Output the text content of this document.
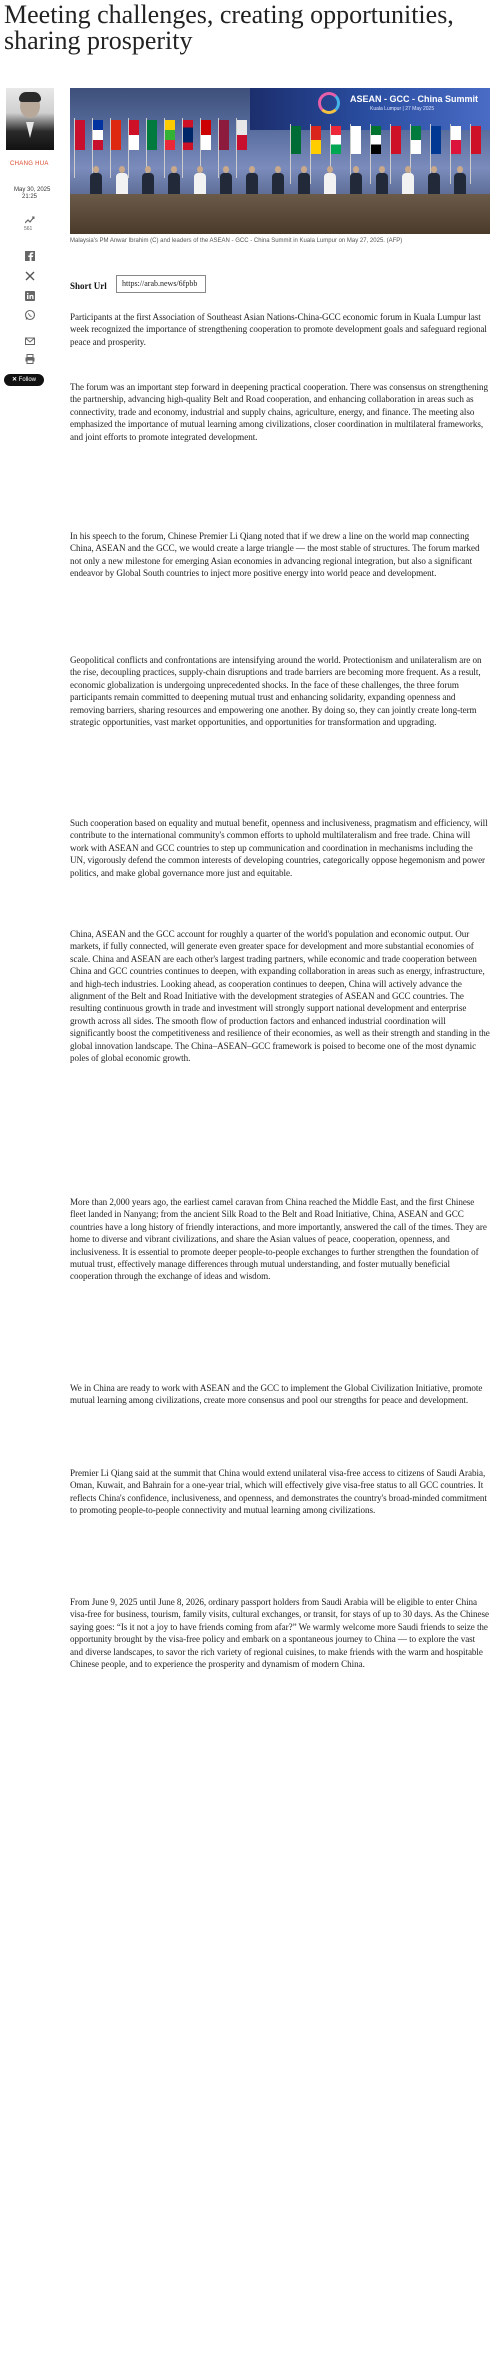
Meeting challenges, creating opportunities, sharing prosperity
CHANG HUA
May 30, 2025
21:25
561
✕ Follow
ASEAN - GCC - China Summit
Kuala Lumpur | 27 May 2025
Malaysia's PM Anwar Ibrahim (C) and leaders of the ASEAN - GCC - China Summit in Kuala Lumpur on May 27, 2025. (AFP)
Short Url	https://arab.news/6fpbb

Participants at the first Association of Southeast Asian Nations-China-GCC economic forum in Kuala Lumpur last week recognized the importance of strengthening cooperation to promote development goals and safeguard regional peace and prosperity.

The forum was an important step forward in deepening practical cooperation. There was consensus on strengthening the partnership, advancing high-quality Belt and Road cooperation, and enhancing collaboration in areas such as connectivity, trade and economy, industrial and supply chains, agriculture, energy, and finance. The meeting also emphasized the importance of mutual learning among civilizations, closer coordination in multilateral frameworks, and joint efforts to promote integrated development.

In his speech to the forum, Chinese Premier Li Qiang noted that if we drew a line on the world map connecting China, ASEAN and the GCC, we would create a large triangle — the most stable of structures. The forum marked not only a new milestone for emerging Asian economies in advancing regional integration, but also a significant endeavor by Global South countries to inject more positive energy into world peace and development.

Geopolitical conflicts and confrontations are intensifying around the world. Protectionism and unilateralism are on the rise, decoupling practices, supply-chain disruptions and trade barriers are becoming more frequent. As a result, economic globalization is undergoing unprecedented shocks. In the face of these challenges, the three forum participants remain committed to deepening mutual trust and enhancing solidarity, expanding openness and removing barriers, sharing resources and empowering one another. By doing so, they can jointly create long-term strategic opportunities, vast market opportunities, and opportunities for transformation and upgrading.

Such cooperation based on equality and mutual benefit, openness and inclusiveness, pragmatism and efficiency, will contribute to the international community's common efforts to uphold multilateralism and free trade. China will work with ASEAN and GCC countries to step up communication and coordination in mechanisms including the UN, vigorously defend the common interests of developing countries, categorically oppose hegemonism and power politics, and make global governance more just and equitable.

China, ASEAN and the GCC account for roughly a quarter of the world's population and economic output. Our markets, if fully connected, will generate even greater space for development and more substantial economies of scale. China and ASEAN are each other's largest trading partners, while economic and trade cooperation between China and GCC countries continues to deepen, with expanding collaboration in areas such as energy, infrastructure, and high-tech industries. Looking ahead, as cooperation continues to deepen, China will actively advance the alignment of the Belt and Road Initiative with the development strategies of ASEAN and GCC countries. The resulting continuous growth in trade and investment will strongly support national development and enterprise growth across all sides. The smooth flow of production factors and enhanced industrial coordination will significantly boost the competitiveness and resilience of their economies, as well as their strength and standing in the global innovation landscape. The China–ASEAN–GCC framework is poised to become one of the most dynamic poles of global economic growth.

More than 2,000 years ago, the earliest camel caravan from China reached the Middle East, and the first Chinese fleet landed in Nanyang; from the ancient Silk Road to the Belt and Road Initiative, China, ASEAN and GCC countries have a long history of friendly interactions, and more importantly, answered the call of the times. They are home to diverse and vibrant civilizations, and share the Asian values of peace, cooperation, openness, and inclusiveness. It is essential to promote deeper people-to-people exchanges to further strengthen the foundation of mutual trust, effectively manage differences through mutual understanding, and foster mutually beneficial cooperation through the exchange of ideas and wisdom.

We in China are ready to work with ASEAN and the GCC to implement the Global Civilization Initiative, promote mutual learning among civilizations, create more consensus and pool our strengths for peace and development.

Premier Li Qiang said at the summit that China would extend unilateral visa-free access to citizens of Saudi Arabia, Oman, Kuwait, and Bahrain for a one-year trial, which will effectively give visa-free status to all GCC countries. It reflects China's confidence, inclusiveness, and openness, and demonstrates the country's broad-minded commitment to promoting people-to-people connectivity and mutual learning among civilizations.

From June 9, 2025 until June 8, 2026, ordinary passport holders from Saudi Arabia will be eligible to enter China visa-free for business, tourism, family visits, cultural exchanges, or transit, for stays of up to 30 days. As the Chinese saying goes: “Is it not a joy to have friends coming from afar?” We warmly welcome more Saudi friends to seize the opportunity brought by the visa-free policy and embark on a spontaneous journey to China — to explore the vast and diverse landscapes, to savor the rich variety of regional cuisines, to make friends with the warm and hospitable Chinese people, and to experience the prosperity and dynamism of modern China.
